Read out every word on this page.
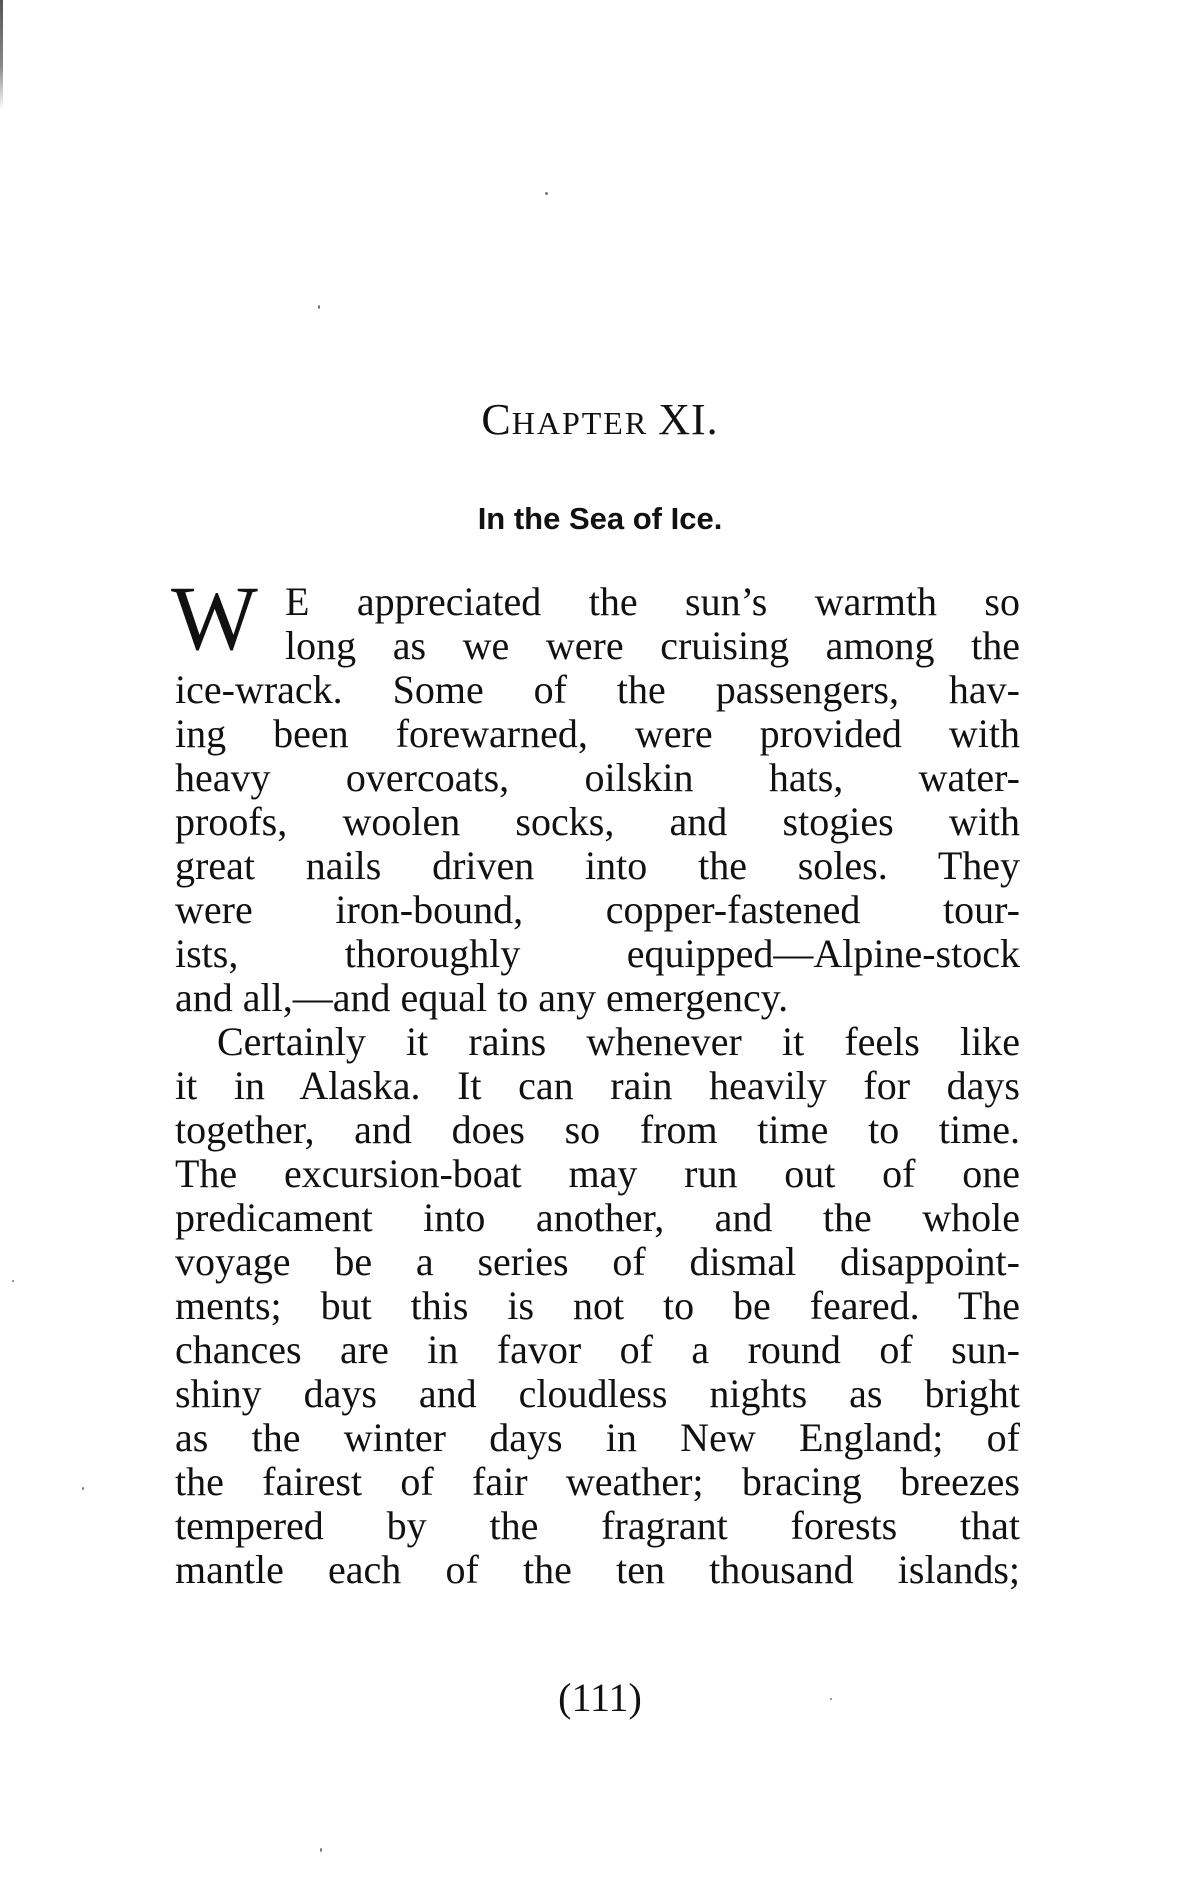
CHAPTER XI.
In the Sea of Ice.
W E appreciated the sun’s warmth so
long as we were cruising among the
ice-wrack. Some of the passengers, hav-
ing been forewarned, were provided with
heavy overcoats, oilskin hats, water-
proofs, woolen socks, and stogies with
great nails driven into the soles. They
were iron-bound, copper-fastened tour-
ists, thoroughly equipped—Alpine-stock
and all,—and equal to any emergency.
Certainly it rains whenever it feels like
it in Alaska. It can rain heavily for days
together, and does so from time to time.
The excursion-boat may run out of one
predicament into another, and the whole
voyage be a series of dismal disappoint-
ments; but this is not to be feared. The
chances are in favor of a round of sun-
shiny days and cloudless nights as bright
as the winter days in New England; of
the fairest of fair weather; bracing breezes
tempered by the fragrant forests that
mantle each of the ten thousand islands;
(111)
